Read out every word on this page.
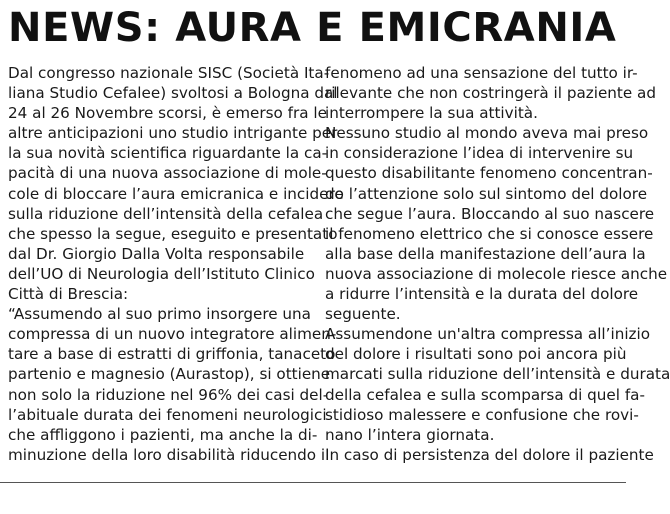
NEWS: AURA E EMICRANIA
Dal congresso nazionale SISC (Società Ita-
liana Studio Cefalee) svoltosi a Bologna dal
24 al 26 Novembre scorsi, è emerso fra le
altre anticipazioni uno studio intrigante per
la sua novità scientifica riguardante la ca-
pacità di una nuova associazione di mole-
cole di bloccare l’aura emicranica e incidere
sulla riduzione dell’intensità della cefalea
che spesso la segue, eseguito e presentato
dal Dr. Giorgio Dalla Volta responsabile
dell’UO di Neurologia dell’Istituto Clinico
Città di Brescia:
“Assumendo al suo primo insorgere una
compressa di un nuovo integratore alimen-
tare a base di estratti di griffonia, tanaceto
partenio e magnesio (Aurastop), si ottiene
non solo la riduzione nel 96% dei casi del-
l’abituale durata dei fenomeni neurologici
che affliggono i pazienti, ma anche la di-
minuzione della loro disabilità riducendo il
fenomeno ad una sensazione del tutto ir-
rilevante che non costringerà il paziente ad
interrompere la sua attività.
Nessuno studio al mondo aveva mai preso
in considerazione l’idea di intervenire su
questo disabilitante fenomeno concentran-
do l’attenzione solo sul sintomo del dolore
che segue l’aura. Bloccando al suo nascere
il fenomeno elettrico che si conosce essere
alla base della manifestazione dell’aura la
nuova associazione di molecole riesce anche
a ridurre l’intensità e la durata del dolore
seguente.
Assumendone un'altra compressa all’inizio
del dolore i risultati sono poi ancora più
marcati sulla riduzione dell’intensità e durata
della cefalea e sulla scomparsa di quel fa-
stidioso malessere e confusione che rovi-
nano l’intera giornata.
In caso di persistenza del dolore il paziente
